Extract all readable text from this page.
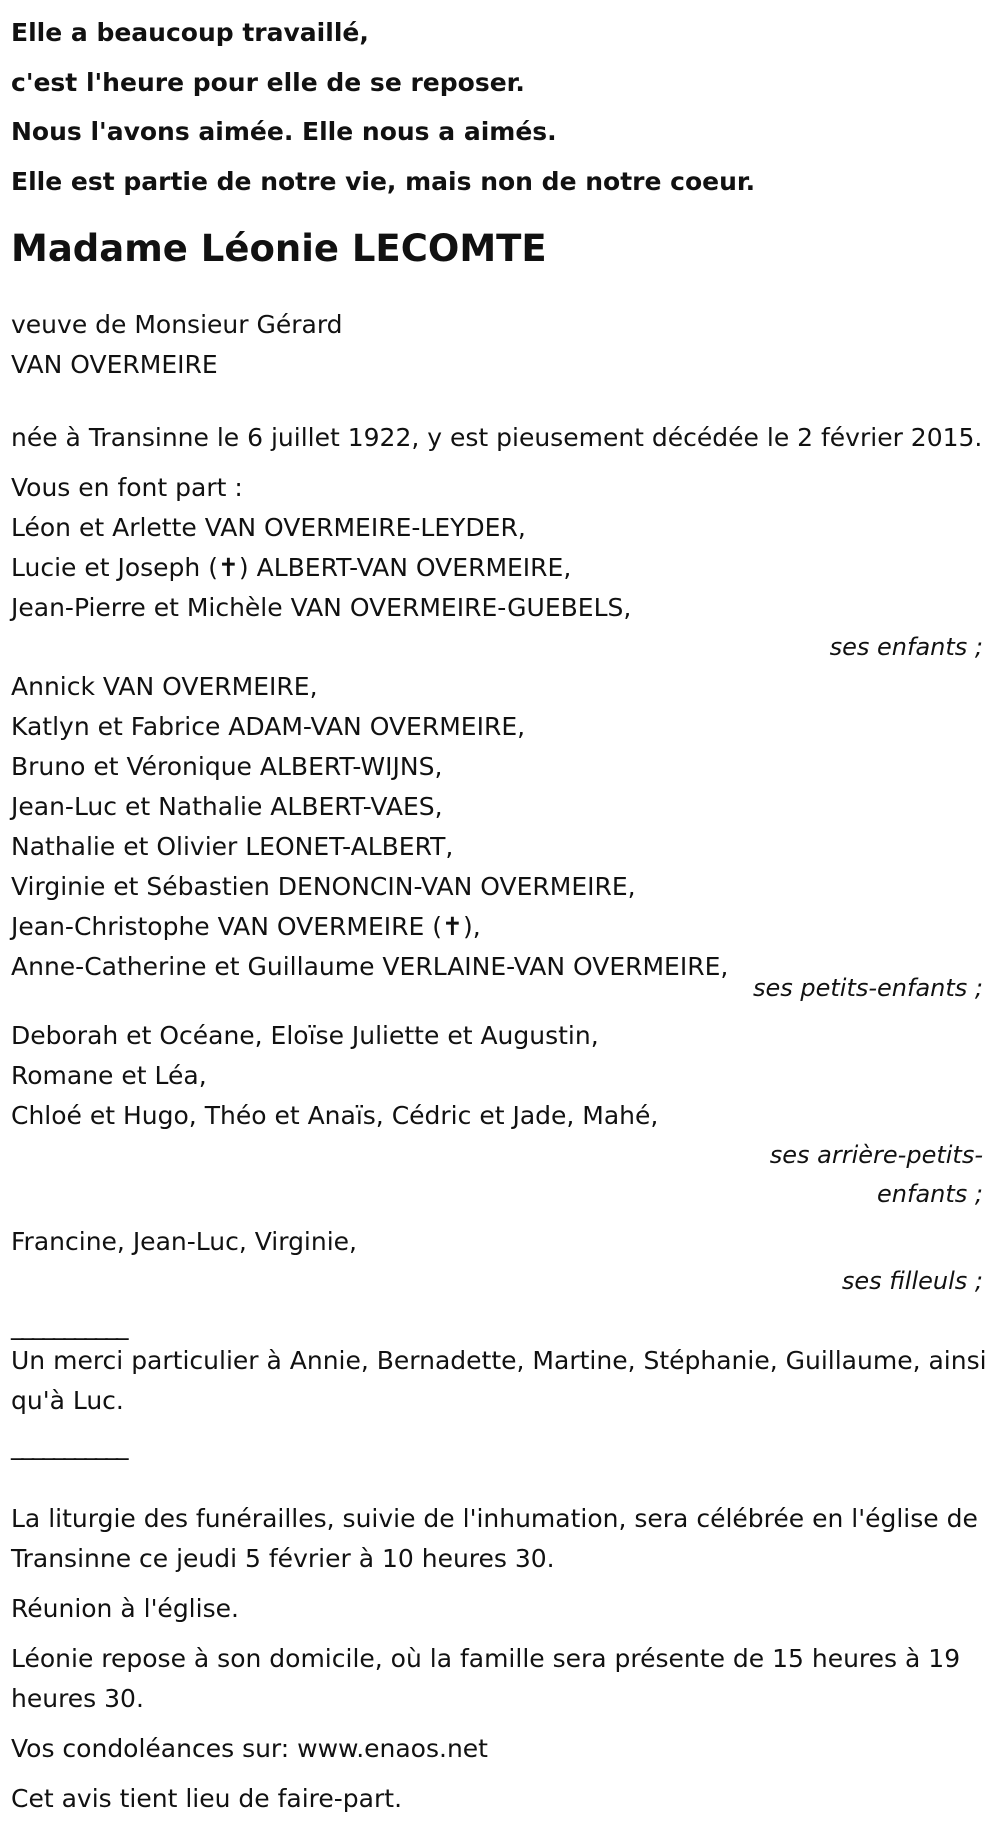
Elle a beaucoup travaillé,
c'est l'heure pour elle de se reposer.
Nous l'avons aimée. Elle nous a aimés.
Elle est partie de notre vie, mais non de notre coeur.
Madame Léonie LECOMTE
veuve de Monsieur Gérard
VAN OVERMEIRE
née à Transinne le 6 juillet 1922, y est pieusement décédée le 2 février 2015.
Vous en font part :
Léon et Arlette VAN OVERMEIRE-LEYDER,
Lucie et Joseph (✝) ALBERT-VAN OVERMEIRE,
Jean-Pierre et Michèle VAN OVERMEIRE-GUEBELS,
ses enfants ;
Annick VAN OVERMEIRE,
Katlyn et Fabrice ADAM-VAN OVERMEIRE,
Bruno et Véronique ALBERT-WIJNS,
Jean-Luc et Nathalie ALBERT-VAES,
Nathalie et Olivier LEONET-ALBERT,
Virginie et Sébastien DENONCIN-VAN OVERMEIRE,
Jean-Christophe VAN OVERMEIRE (✝),
Anne-Catherine et Guillaume VERLAINE-VAN OVERMEIRE,
ses petits-enfants ;
Deborah et Océane, Eloïse Juliette et Augustin,
Romane et Léa,
Chloé et Hugo, Théo et Anaïs, Cédric et Jade, Mahé,
ses arrière-petits-
enfants ;
Francine, Jean-Luc, Virginie,
ses filleuls ;
___________
Un merci particulier à Annie, Bernadette, Martine, Stéphanie, Guillaume, ainsi qu'à Luc.
___________
La liturgie des funérailles, suivie de l'inhumation, sera célébrée en l'église de Transinne ce jeudi 5 février à 10 heures 30.
Réunion à l'église.
Léonie repose à son domicile, où la famille sera présente de 15 heures à 19 heures 30.
Vos condoléances sur: www.enaos.net
Cet avis tient lieu de faire-part.
